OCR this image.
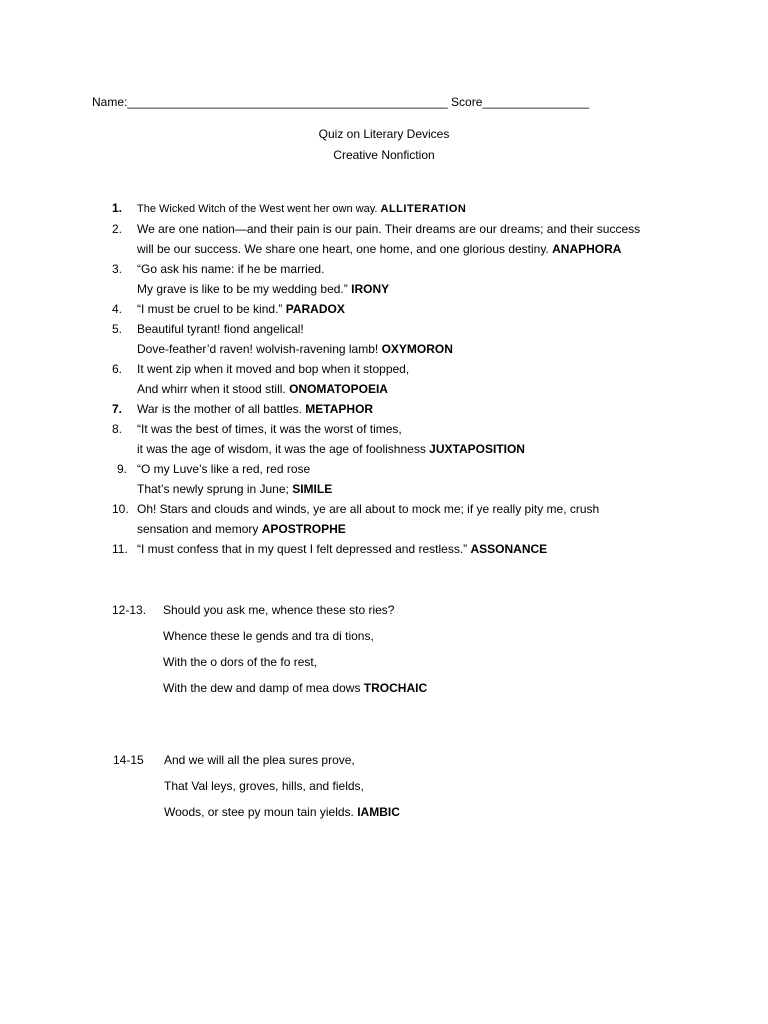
Name:________________________________________________ Score________________
Quiz on Literary Devices
Creative Nonfiction
1. The Wicked Witch of the West went her own way. ALLITERATION
2. We are one nation—and their pain is our pain. Their dreams are our dreams; and their success
will be our success. We share one heart, one home, and one glorious destiny. ANAPHORA
3. “Go ask his name: if he be married.
My grave is like to be my wedding bed.” IRONY
4. “I must be cruel to be kind.” PARADOX
5. Beautiful tyrant! fiond angelical!
Dove-feather’d raven! wolvish-ravening lamb! OXYMORON
6. It went zip when it moved and bop when it stopped,
And whirr when it stood still. ONOMATOPOEIA
7. War is the mother of all battles. METAPHOR
8. “It was the best of times, it was the worst of times,
it was the age of wisdom, it was the age of foolishness JUXTAPOSITION
9. “O my Luve’s like a red, red rose
That’s newly sprung in June; SIMILE
10. Oh! Stars and clouds and winds, ye are all about to mock me; if ye really pity me, crush
sensation and memory APOSTROPHE
11. “I must confess that in my quest I felt depressed and restless.” ASSONANCE
12-13. Should you ask me, whence these sto ries?
Whence these le gends and tra di tions,
With the o dors of the fo rest,
With the dew and damp of mea dows TROCHAIC
14-15 And we will all the plea sures prove,
That Val leys, groves, hills, and fields,
Woods, or stee py moun tain yields. IAMBIC
